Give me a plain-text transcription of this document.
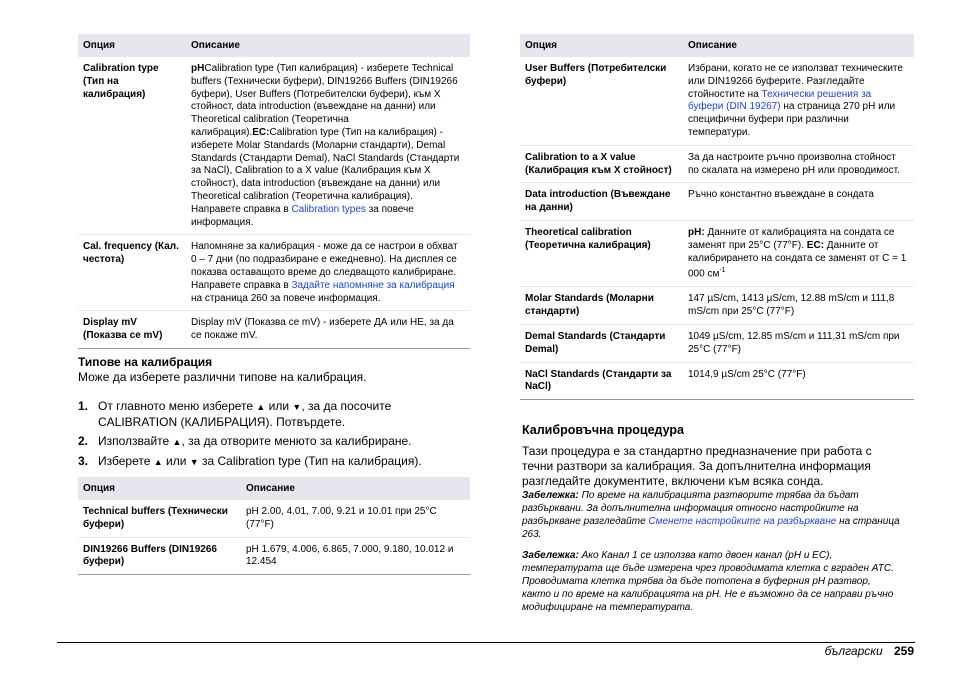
Опция	Описание
Calibration type (Тип на калибрация)	pHCalibration type (Тип калибрация) - изберете Technical buffers (Технически буфери), DIN19266 Buffers (DIN19266 буфери), User Buffers (Потребителски буфери), към X стойност, data introduction (въвеждане на данни) или Theoretical calibration (Теоретична калибрация).EC:Calibration type (Тип на калибрация) - изберете Molar Standards (Моларни стандарти), Demal Standards (Стандарти Demal), NaCl Standards (Стандарти за NaCl), Calibration to a X value (Калибрация към X стойност), data introduction (въвеждане на данни) или Theoretical calibration (Теоретична калибрация). Направете справка в Calibration types за повече информация.
Cal. frequency (Кал. честота)	Напомняне за калибрация - може да се настрои в обхват 0 – 7 дни (по подразбиране е ежедневно). На дисплея се показва оставащото време до следващото калибриране. Направете справка в Задайте напомняне за калибрация на страница 260 за повече информация.
Display mV (Показва се mV)	Display mV (Показва се mV) - изберете ДА или НЕ, за да се покаже mV.
Типове на калибрация

Може да изберете различни типове на калибрация.

1. От главното меню изберете ▲ или ▼, за да посочите CALIBRATION (КАЛИБРАЦИЯ). Потвърдете.
2. Използвайте ▲, за да отворите менюто за калибриране.
3. Изберете ▲ или ▼ за Calibration type (Тип на калибрация).
Опция	Описание
Technical buffers (Технически буфери)	pH 2.00, 4.01, 7.00, 9.21 и 10.01 при 25°C (77°F)
DIN19266 Buffers (DIN19266 буфери)	pH 1.679, 4.006, 6.865, 7.000, 9.180, 10.012 и 12.454
Опция	Описание
User Buffers (Потребителски буфери)	Избрани, когато не се използват техническите или DIN19266 буферите. Разгледайте стойностите на Технически решения за буфери (DIN 19267) на страница 270 pH или специфични буфери при различни температури.
Calibration to a X value (Калибрация към X стойност)	За да настроите ръчно произволна стойност по скалата на измерено pH или проводимост.
Data introduction (Въвеждане на данни)	Ръчно константно въвеждане в сондата
Theoretical calibration (Теоретична калибрация)	pH: Данните от калибрацията на сондата се заменят при 25°C (77°F). EC: Данните от калибрирането на сондата се заменят от C = 1 000 $см^{-1}$
Molar Standards (Моларни стандарти)	147 µS/cm, 1413 µS/cm, 12.88 mS/cm и 111,8 mS/cm при 25°C (77°F)
Demal Standards (Стандарти Demal)	1049 µS/cm, 12.85 mS/cm и 111,31 mS/cm при 25°C (77°F)
NaCl Standards (Стандарти за NaCl)	1014,9 µS/cm 25°C (77°F)
Калибровъчна процедура

Тази процедура е за стандартно предназначение при работа с течни разтвори за калибрация. За допълнителна информация разгледайте документите, включени към всяка сонда.

Забележка: По време на калибрацията разтворите трябва да бъдат разбърквани. За допълнителна информация относно настройките на разбъркване разгледайте Сменете настройките на разбъркване на страница 263.

Забележка: Ако Канал 1 се използва като двоен канал (pH и EC), температурата ще бъде измерена чрез проводимата клетка с вграден ATC. Проводимата клетка трябва да бъде потопена в буферния pH разтвор, както и по време на калибрацията на pH. Не е възможно да се направи ръчно модифициране на температурата.

български 259
